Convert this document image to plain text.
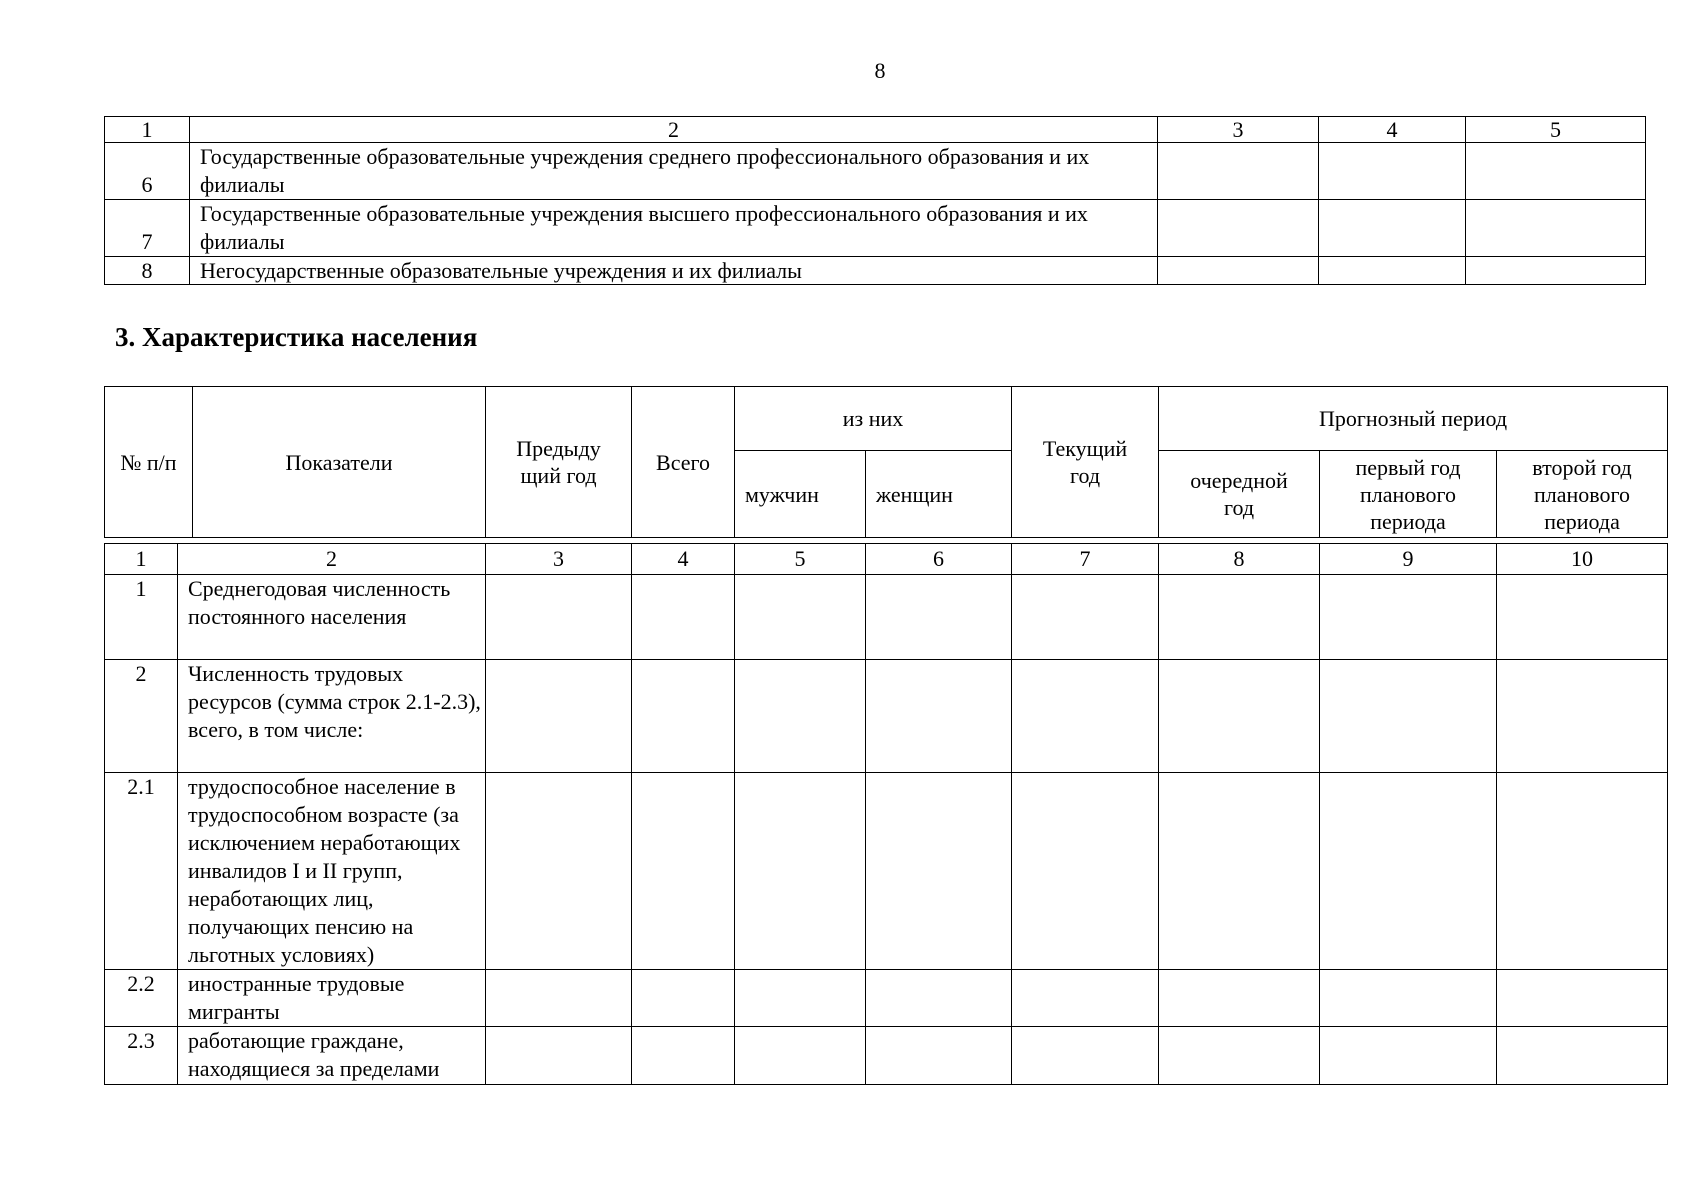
8
1	2	3	4	5
6	Государственные образовательные учреждения среднего профессионального образования и их филиалы			
7	Государственные образовательные учреждения высшего профессионального образования и их филиалы			
8	Негосударственные образовательные учреждения и их филиалы			
3. Характеристика населения
№ п/п	Показатели	Предыду щий год	Всего	из них		Текущий год	Прогнозный период		
				мужчин	женщин		очередной год	первый год планового периода	второй год планового периода
1	2	3	4	5	6	7	8	9	10
1	Среднегодовая численность постоянного населения								
2	Численность трудовых ресурсов (сумма строк 2.1-2.3), всего, в том числе:								
2.1	трудоспособное население в трудоспособном возрасте (за исключением неработающих инвалидов I и II групп, неработающих лиц, получающих пенсию на льготных условиях)								
2.2	иностранные трудовые мигранты								
2.3	работающие граждане, находящиеся за пределами								
